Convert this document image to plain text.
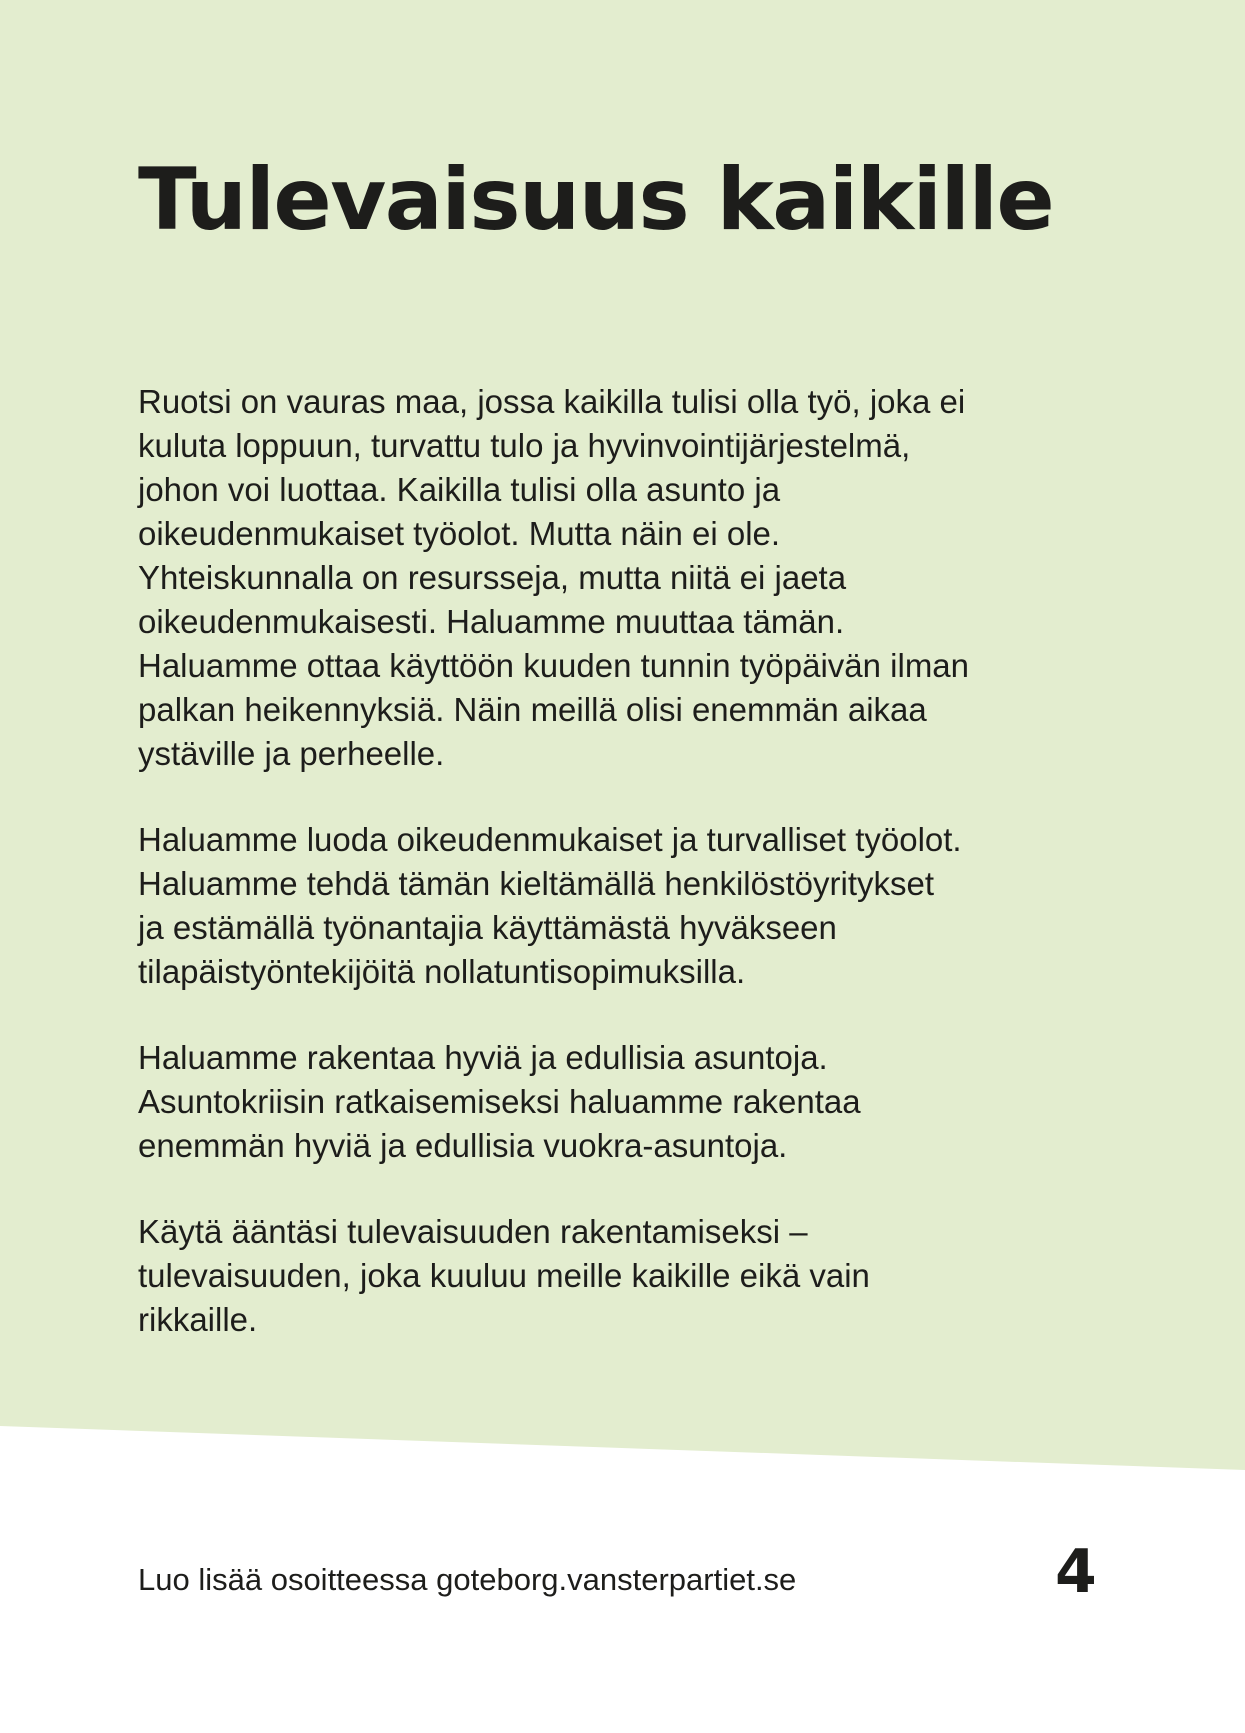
Tulevaisuus kaikille

Ruotsi on vauras maa, jossa kaikilla tulisi olla työ, joka ei
kuluta loppuun, turvattu tulo ja hyvinvointijärjestelmä,
johon voi luottaa. Kaikilla tulisi olla asunto ja
oikeudenmukaiset työolot. Mutta näin ei ole.
Yhteiskunnalla on resursseja, mutta niitä ei jaeta
oikeudenmukaisesti. Haluamme muuttaa tämän.
Haluamme ottaa käyttöön kuuden tunnin työpäivän ilman
palkan heikennyksiä. Näin meillä olisi enemmän aikaa
ystäville ja perheelle.

Haluamme luoda oikeudenmukaiset ja turvalliset työolot.
Haluamme tehdä tämän kieltämällä henkilöstöyritykset
ja estämällä työnantajia käyttämästä hyväkseen
tilapäistyöntekijöitä nollatuntisopimuksilla.

Haluamme rakentaa hyviä ja edullisia asuntoja.
Asuntokriisin ratkaisemiseksi haluamme rakentaa
enemmän hyviä ja edullisia vuokra-asuntoja.

Käytä ääntäsi tulevaisuuden rakentamiseksi –
tulevaisuuden, joka kuuluu meille kaikille eikä vain
rikkaille.

Luo lisää osoitteessa goteborg.vansterpartiet.se	4
